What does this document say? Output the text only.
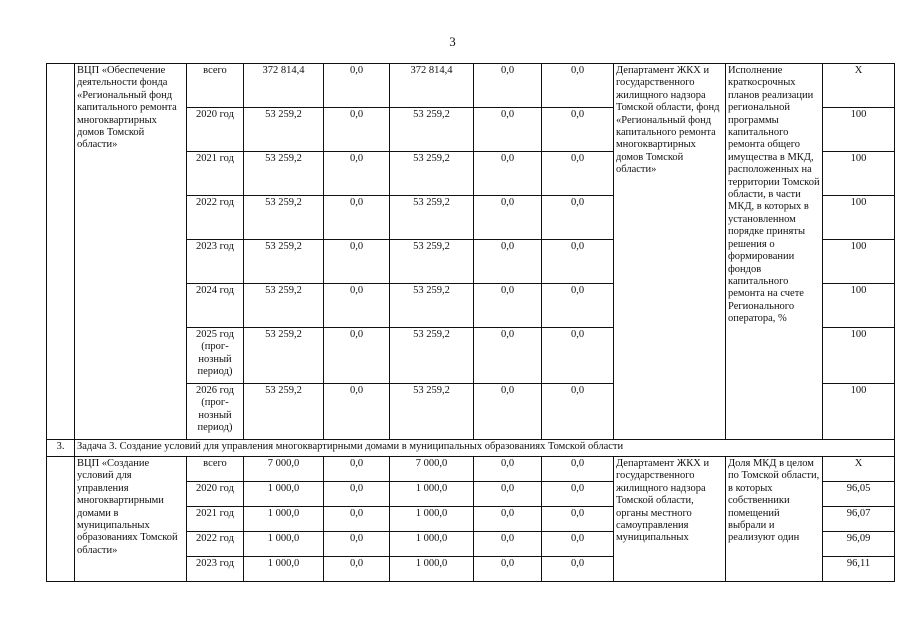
3
	ВЦП «Обеспечение деятельности фонда «Региональный фонд капитального ремонта многоквартирных домов Томской области»	всего	372 814,4	0,0	372 814,4	0,0	0,0	Департамент ЖКХ и государственного жилищного надзора Томской области, фонд «Региональный фонд капитального ремонта многоквартирных домов Томской области»	Исполнение краткосрочных планов реализации региональной программы капитального ремонта общего имущества в МКД, расположенных на территории Томской области, в части МКД, в которых в установленном порядке приняты решения о формировании фондов капитального ремонта на счете Регионального оператора, %	X
		2020 год	53 259,2	0,0	53 259,2	0,0	0,0			100
		2021 год	53 259,2	0,0	53 259,2	0,0	0,0			100
		2022 год	53 259,2	0,0	53 259,2	0,0	0,0			100
		2023 год	53 259,2	0,0	53 259,2	0,0	0,0			100
		2024 год	53 259,2	0,0	53 259,2	0,0	0,0			100
		2025 год (прог-нозный период)	53 259,2	0,0	53 259,2	0,0	0,0			100
		2026 год (прог-нозный период)	53 259,2	0,0	53 259,2	0,0	0,0			100
3.	Задача 3. Создание условий для управления многоквартирными домами в муниципальных образованиях Томской области									
	ВЦП «Создание условий для управления многоквартирными домами в муниципальных образованиях Томской области»	всего	7 000,0	0,0	7 000,0	0,0	0,0	Департамент ЖКХ и государственного жилищного надзора Томской области, органы местного самоуправления муниципальных	Доля МКД в целом по Томской области, в которых собственники помещений выбрали и реализуют один	X
		2020 год	1 000,0	0,0	1 000,0	0,0	0,0			96,05
		2021 год	1 000,0	0,0	1 000,0	0,0	0,0			96,07
		2022 год	1 000,0	0,0	1 000,0	0,0	0,0			96,09
		2023 год	1 000,0	0,0	1 000,0	0,0	0,0			96,11
